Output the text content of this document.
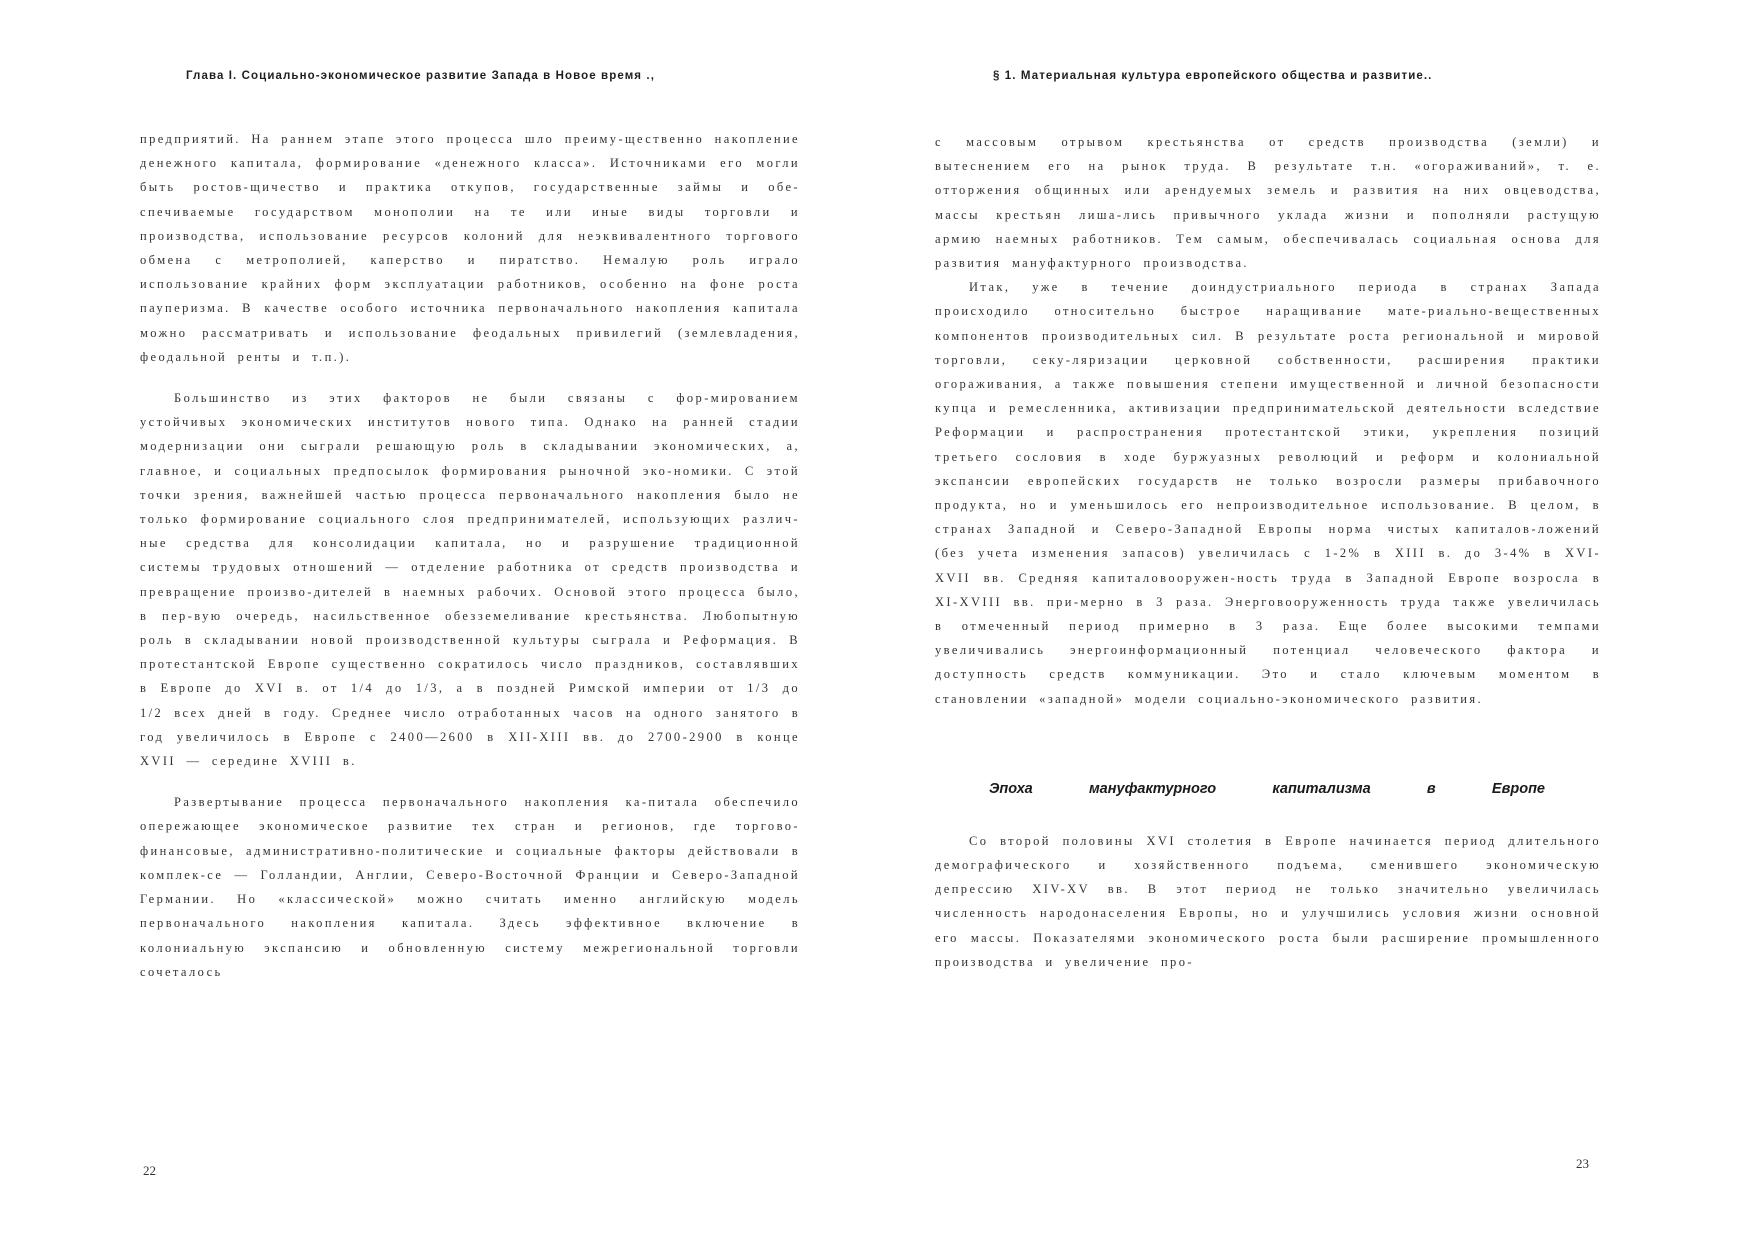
Глава I. Социально-экономическое развитие Запада в Новое время .,

предприятий. На раннем этапе этого процесса шло преиму-щественно накопление денежного капитала, формирование «денежного класса». Источниками его могли быть ростов-щичество и практика откупов, государственные займы и обе-спечиваемые государством монополии на те или иные виды торговли и производства, использование ресурсов колоний для неэквивалентного торгового обмена с метрополией, каперство и пиратство. Немалую роль играло использование крайних форм эксплуатации работников, особенно на фоне роста пауперизма. В качестве особого источника первоначального накопления капитала можно рассматривать и использование феодальных привилегий (землевладения, феодальной ренты и т.п.).

Большинство из этих факторов не были связаны с фор-мированием устойчивых экономических институтов нового типа. Однако на ранней стадии модернизации они сыграли решающую роль в складывании экономических, а, главное, и социальных предпосылок формирования рыночной эко-номики. С этой точки зрения, важнейшей частью процесса первоначального накопления было не только формирование социального слоя предпринимателей, использующих различ-ные средства для консолидации капитала, но и разрушение традиционной системы трудовых отношений — отделение работника от средств производства и превращение произво-дителей в наемных рабочих. Основой этого процесса было, в пер-вую очередь, насильственное обезземеливание крестьянства. Любопытную роль в складывании новой производственной культуры сыграла и Реформация. В протестантской Европе существенно сократилось число праздников, составлявших в Европе до XVI в. от 1/4 до 1/3, а в поздней Римской империи от 1/3 до 1/2 всех дней в году. Среднее число отработанных часов на одного занятого в год увеличилось в Европе с 2400—2600 в XII-XIII вв. до 2700-2900 в конце XVII — середине XVIII в.

Развертывание процесса первоначального накопления ка-питала обеспечило опережающее экономическое развитие тех стран и регионов, где торгово-финансовые, административно-политические и социальные факторы действовали в комплек-се — Голландии, Англии, Северо-Восточной Франции и Северо-Западной Германии. Но «классической» можно считать именно английскую модель первоначального накопления капитала. Здесь эффективное включение в колониальную экспансию и обновленную систему межрегиональной торговли сочеталось

22
§ 1. Материальная культура европейского общества и развитие..

с массовым отрывом крестьянства от средств производства (земли) и вытеснением его на рынок труда. В результате т.н. «огораживаний», т. е. отторжения общинных или арендуемых земель и развития на них овцеводства, массы крестьян лиша-лись привычного уклада жизни и пополняли растущую армию наемных работников. Тем самым, обеспечивалась социальная основа для развития мануфактурного производства.

Итак, уже в течение доиндустриального периода в странах Запада происходило относительно быстрое наращивание мате-риально-вещественных компонентов производительных сил. В результате роста региональной и мировой торговли, секу-ляризации церковной собственности, расширения практики огораживания, а также повышения степени имущественной и личной безопасности купца и ремесленника, активизации предпринимательской деятельности вследствие Реформации и распространения протестантской этики, укрепления позиций третьего сословия в ходе буржуазных революций и реформ и колониальной экспансии европейских государств не только возросли размеры прибавочного продукта, но и уменьшилось его непроизводительное использование. В целом, в странах Западной и Северо-Западной Европы норма чистых капиталов-ложений (без учета изменения запасов) увеличилась с 1-2% в XIII в. до 3-4% в XVI-XVII вв. Средняя капиталовооружен-ность труда в Западной Европе возросла в XI-XVIII вв. при-мерно в 3 раза. Энерговооруженность труда также увеличилась в отмеченный период примерно в 3 раза. Еще более высокими темпами увеличивались энергоинформационный потенциал человеческого фактора и доступность средств коммуникации. Это и стало ключевым моментом в становлении «западной» модели социально-экономического развития.

Эпоха	мануфактурного	капитализма	в	Европе

Со второй половины XVI столетия в Европе начинается период длительного демографического и хозяйственного подъема, сменившего экономическую депрессию XIV-XV вв. В этот период не только значительно увеличилась численность народонаселения Европы, но и улучшились условия жизни основной его массы. Показателями экономического роста были расширение промышленного производства и увеличение про-

23
